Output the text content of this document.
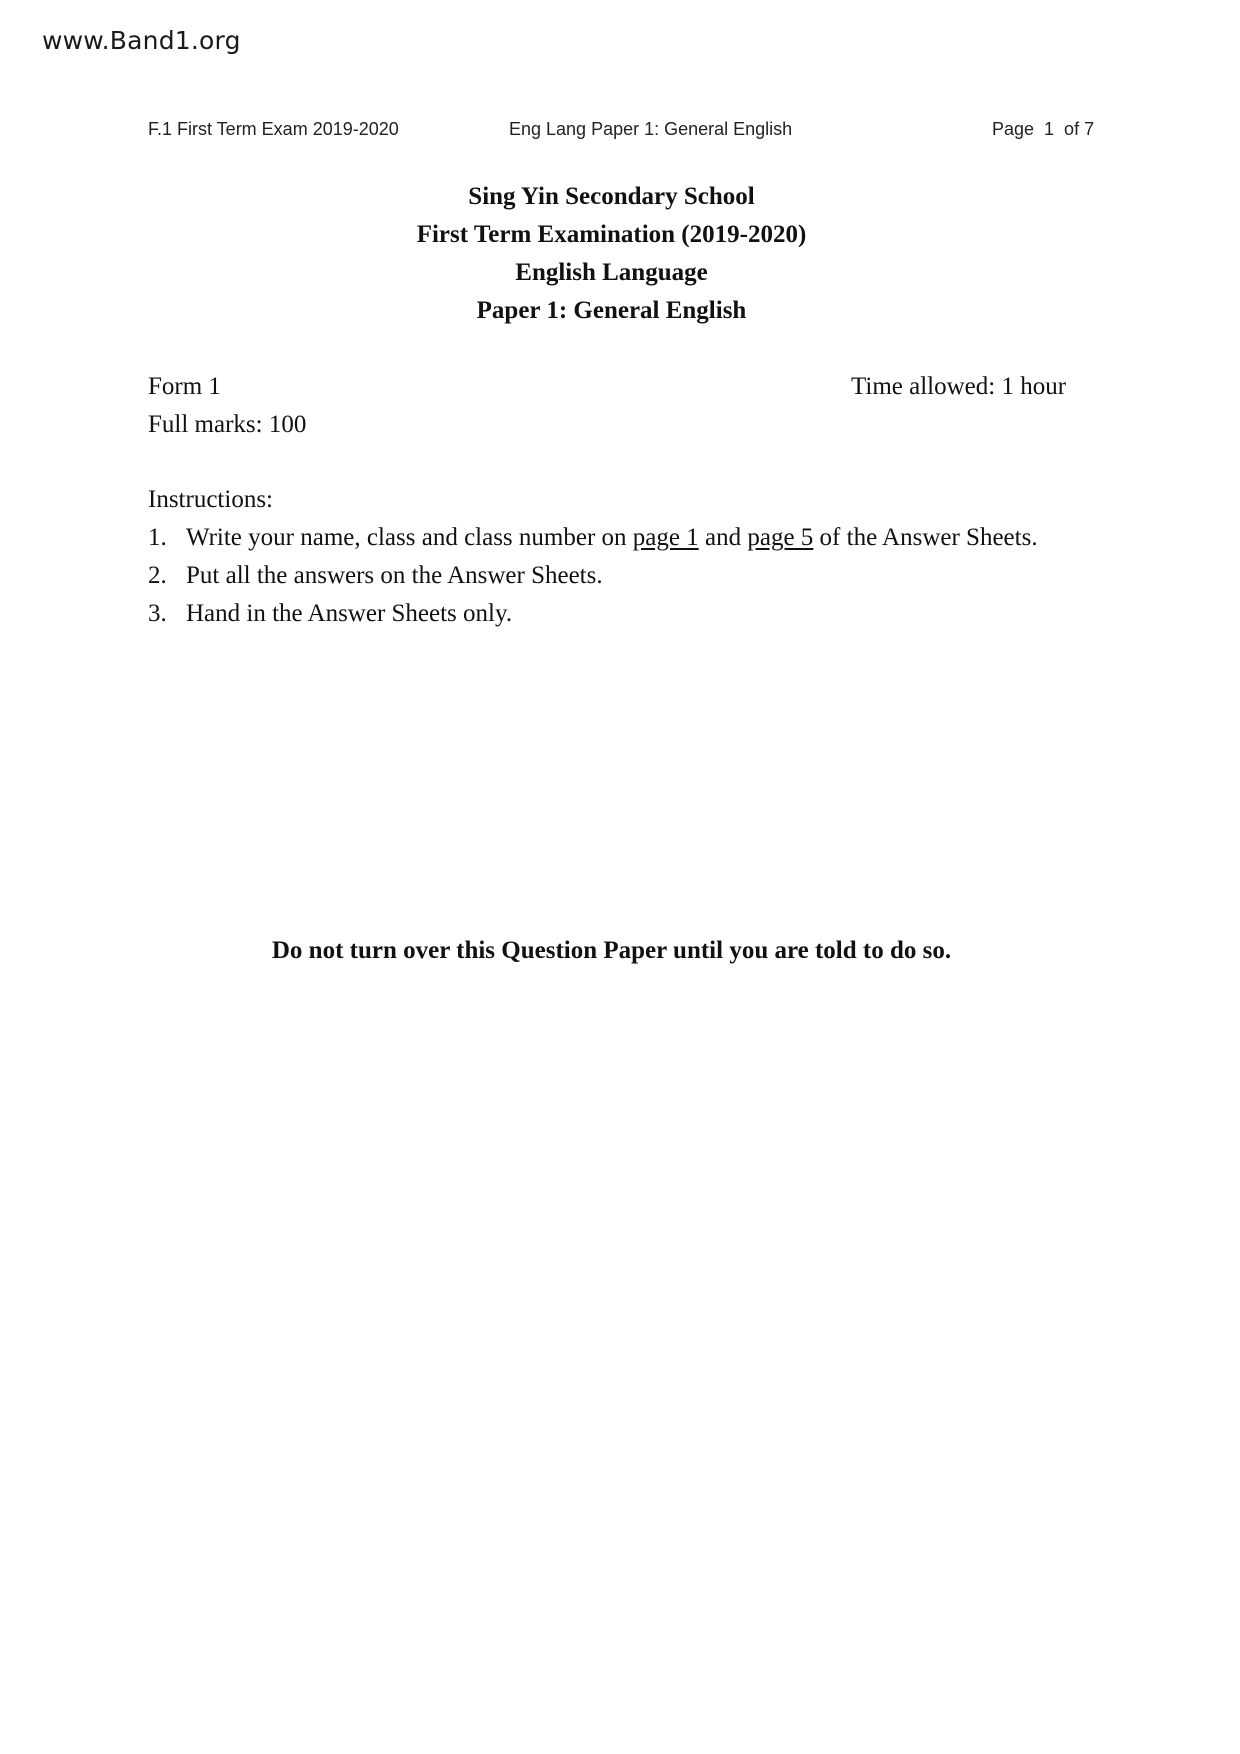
www.Band1.org
F.1 First Term Exam 2019-2020	Eng Lang Paper 1: General English	Page  1  of 7
Sing Yin Secondary School
First Term Examination (2019-2020)
English Language
Paper 1: General English
Form 1	Time allowed: 1 hour
Full marks: 100
Instructions:
1. Write your name, class and class number on page 1 and page 5 of the Answer Sheets.
2. Put all the answers on the Answer Sheets.
3. Hand in the Answer Sheets only.
Do not turn over this Question Paper until you are told to do so.
